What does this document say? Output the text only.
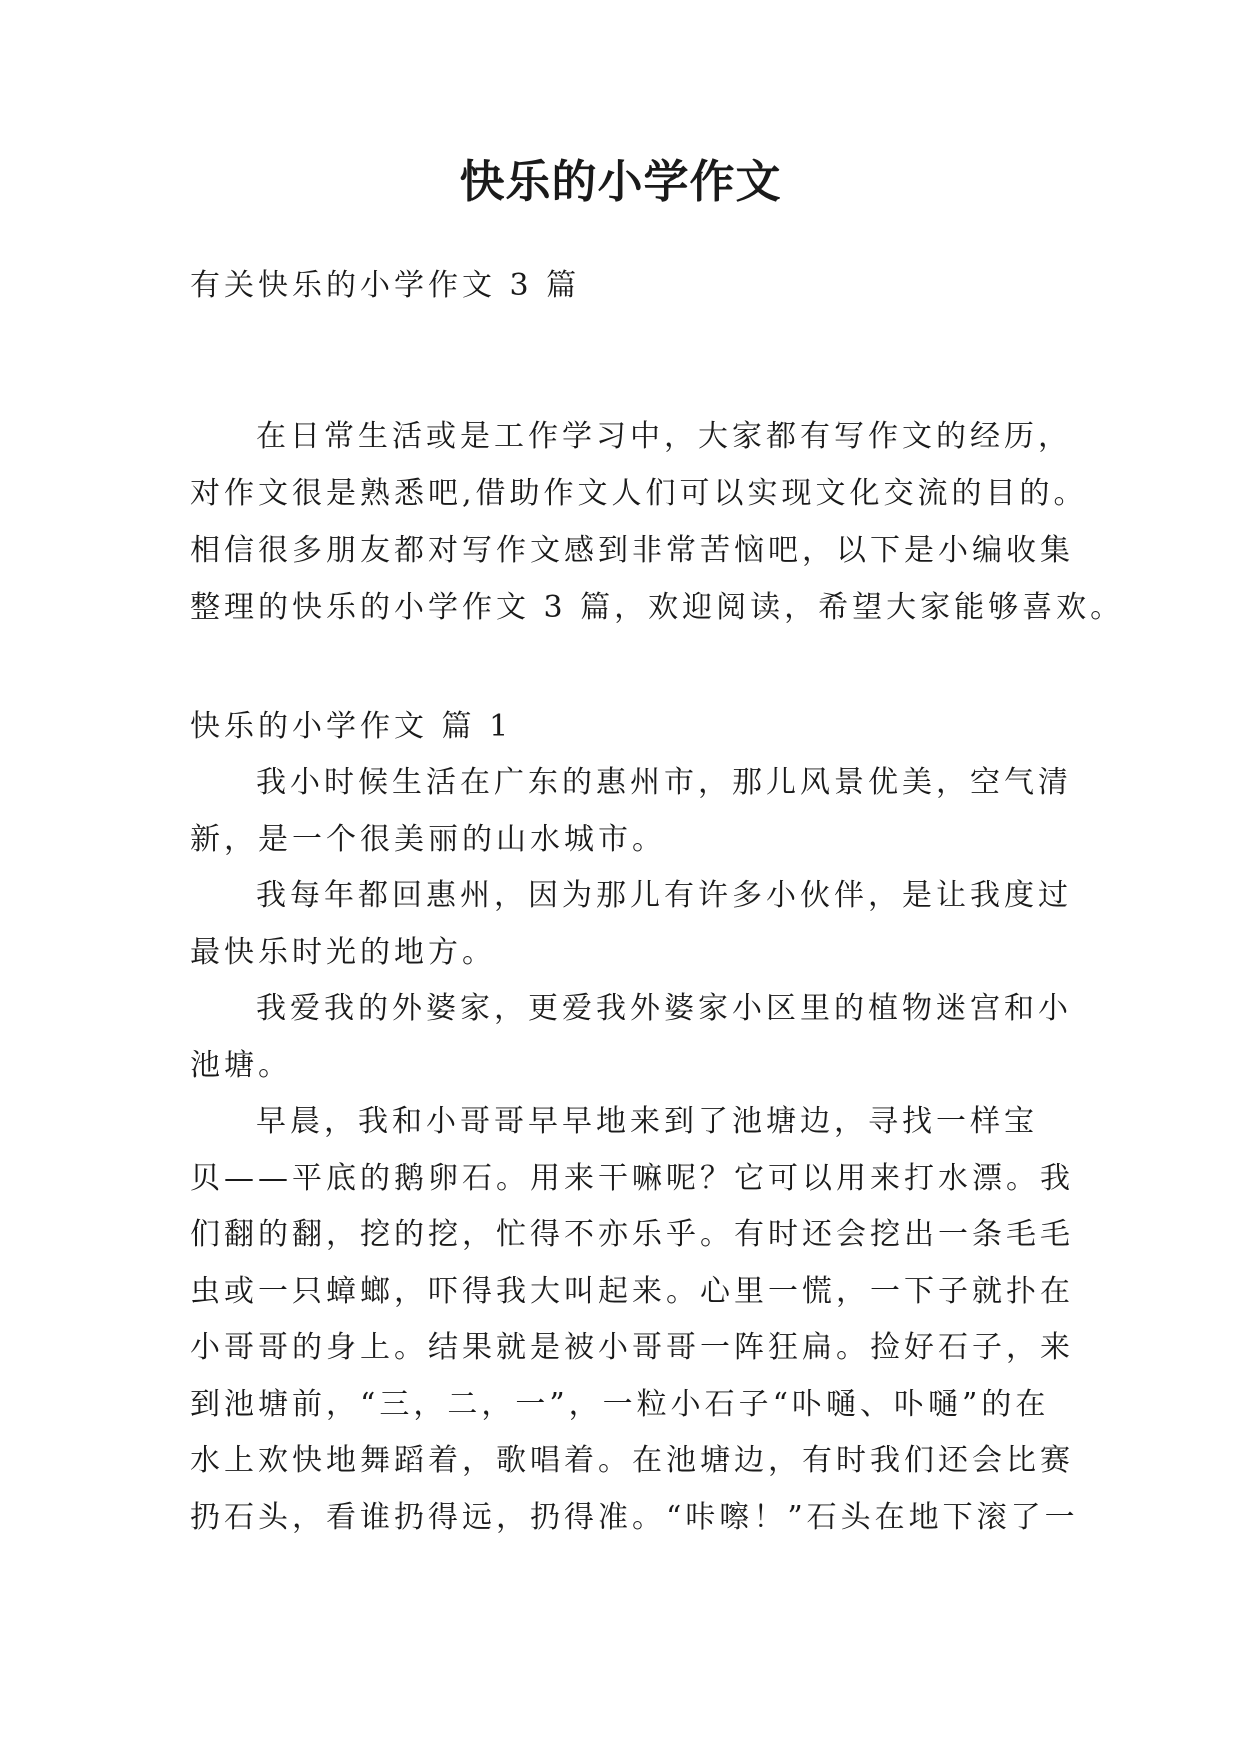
快乐的小学作文
有关快乐的小学作文 3 篇
在日常生活或是工作学习中，大家都有写作文的经历，
对作文很是熟悉吧,借助作文人们可以实现文化交流的目的。
相信很多朋友都对写作文感到非常苦恼吧，以下是小编收集
整理的快乐的小学作文 3 篇，欢迎阅读，希望大家能够喜欢。
快乐的小学作文 篇 1
我小时候生活在广东的惠州市，那儿风景优美，空气清
新，是一个很美丽的山水城市。
我每年都回惠州，因为那儿有许多小伙伴，是让我度过
最快乐时光的地方。
我爱我的外婆家，更爱我外婆家小区里的植物迷宫和小
池塘。
早晨，我和小哥哥早早地来到了池塘边，寻找一样宝
贝——平底的鹅卵石。用来干嘛呢？它可以用来打水漂。我
们翻的翻，挖的挖，忙得不亦乐乎。有时还会挖出一条毛毛
虫或一只蟑螂，吓得我大叫起来。心里一慌，一下子就扑在
小哥哥的身上。结果就是被小哥哥一阵狂扁。捡好石子，来
到池塘前，“三，二，一”，一粒小石子“卟嗵、卟嗵”的在
水上欢快地舞蹈着，歌唱着。在池塘边，有时我们还会比赛
扔石头，看谁扔得远，扔得准。“咔嚓！”石头在地下滚了一
